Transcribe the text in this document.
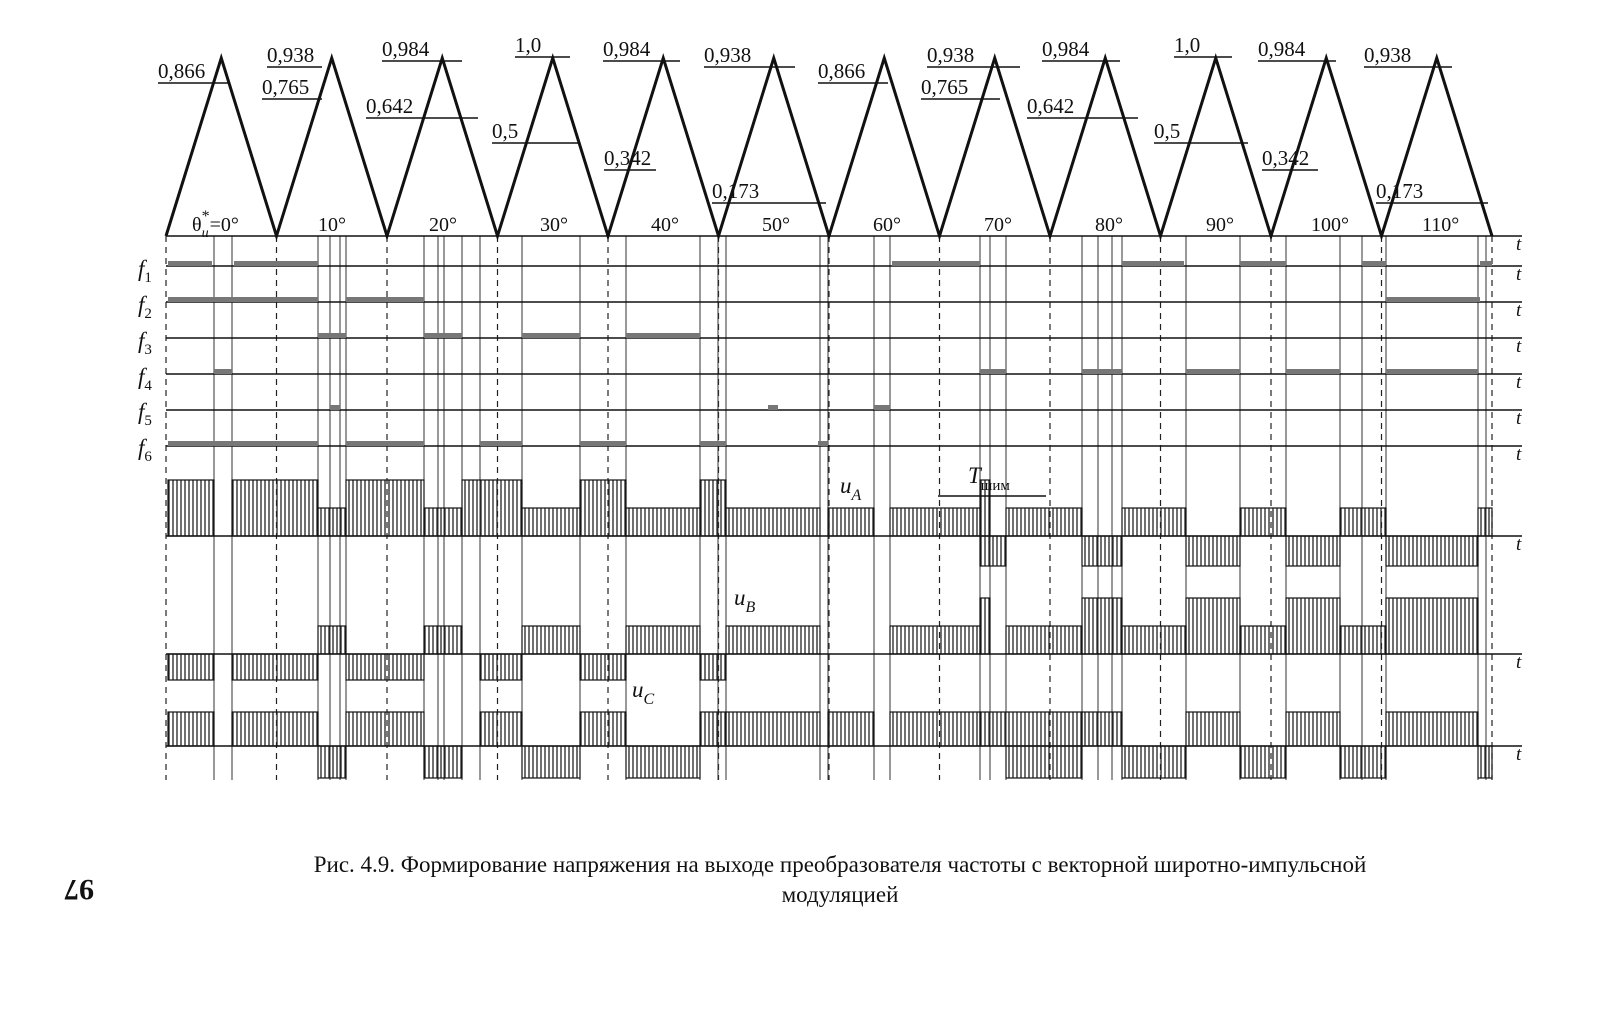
$\theta_u*=0^\circ$	10°	20°	30°	40°	50°	60°	70°	80°	90°	100°	110°
0,866
0,938
0,765
0,984
0,642
1,0
0,5
0,984
0,342
0,938
0,173
0,866
0,938
0,765
0,984
0,642
1,0
0,5
0,984
0,342
0,938
0,173
$f_1$
$f_2$
$f_3$
$f_4$
$f_5$
$f_6$
$u_A$
$u_B$
$u_C$
$T_{шим}$
t
t
t
t
t
t
t
t
t
t
Рис. 4.9. Формирование напряжения на выходе преобразователя частоты с векторной широтно-импульсной
модуляцией
97
